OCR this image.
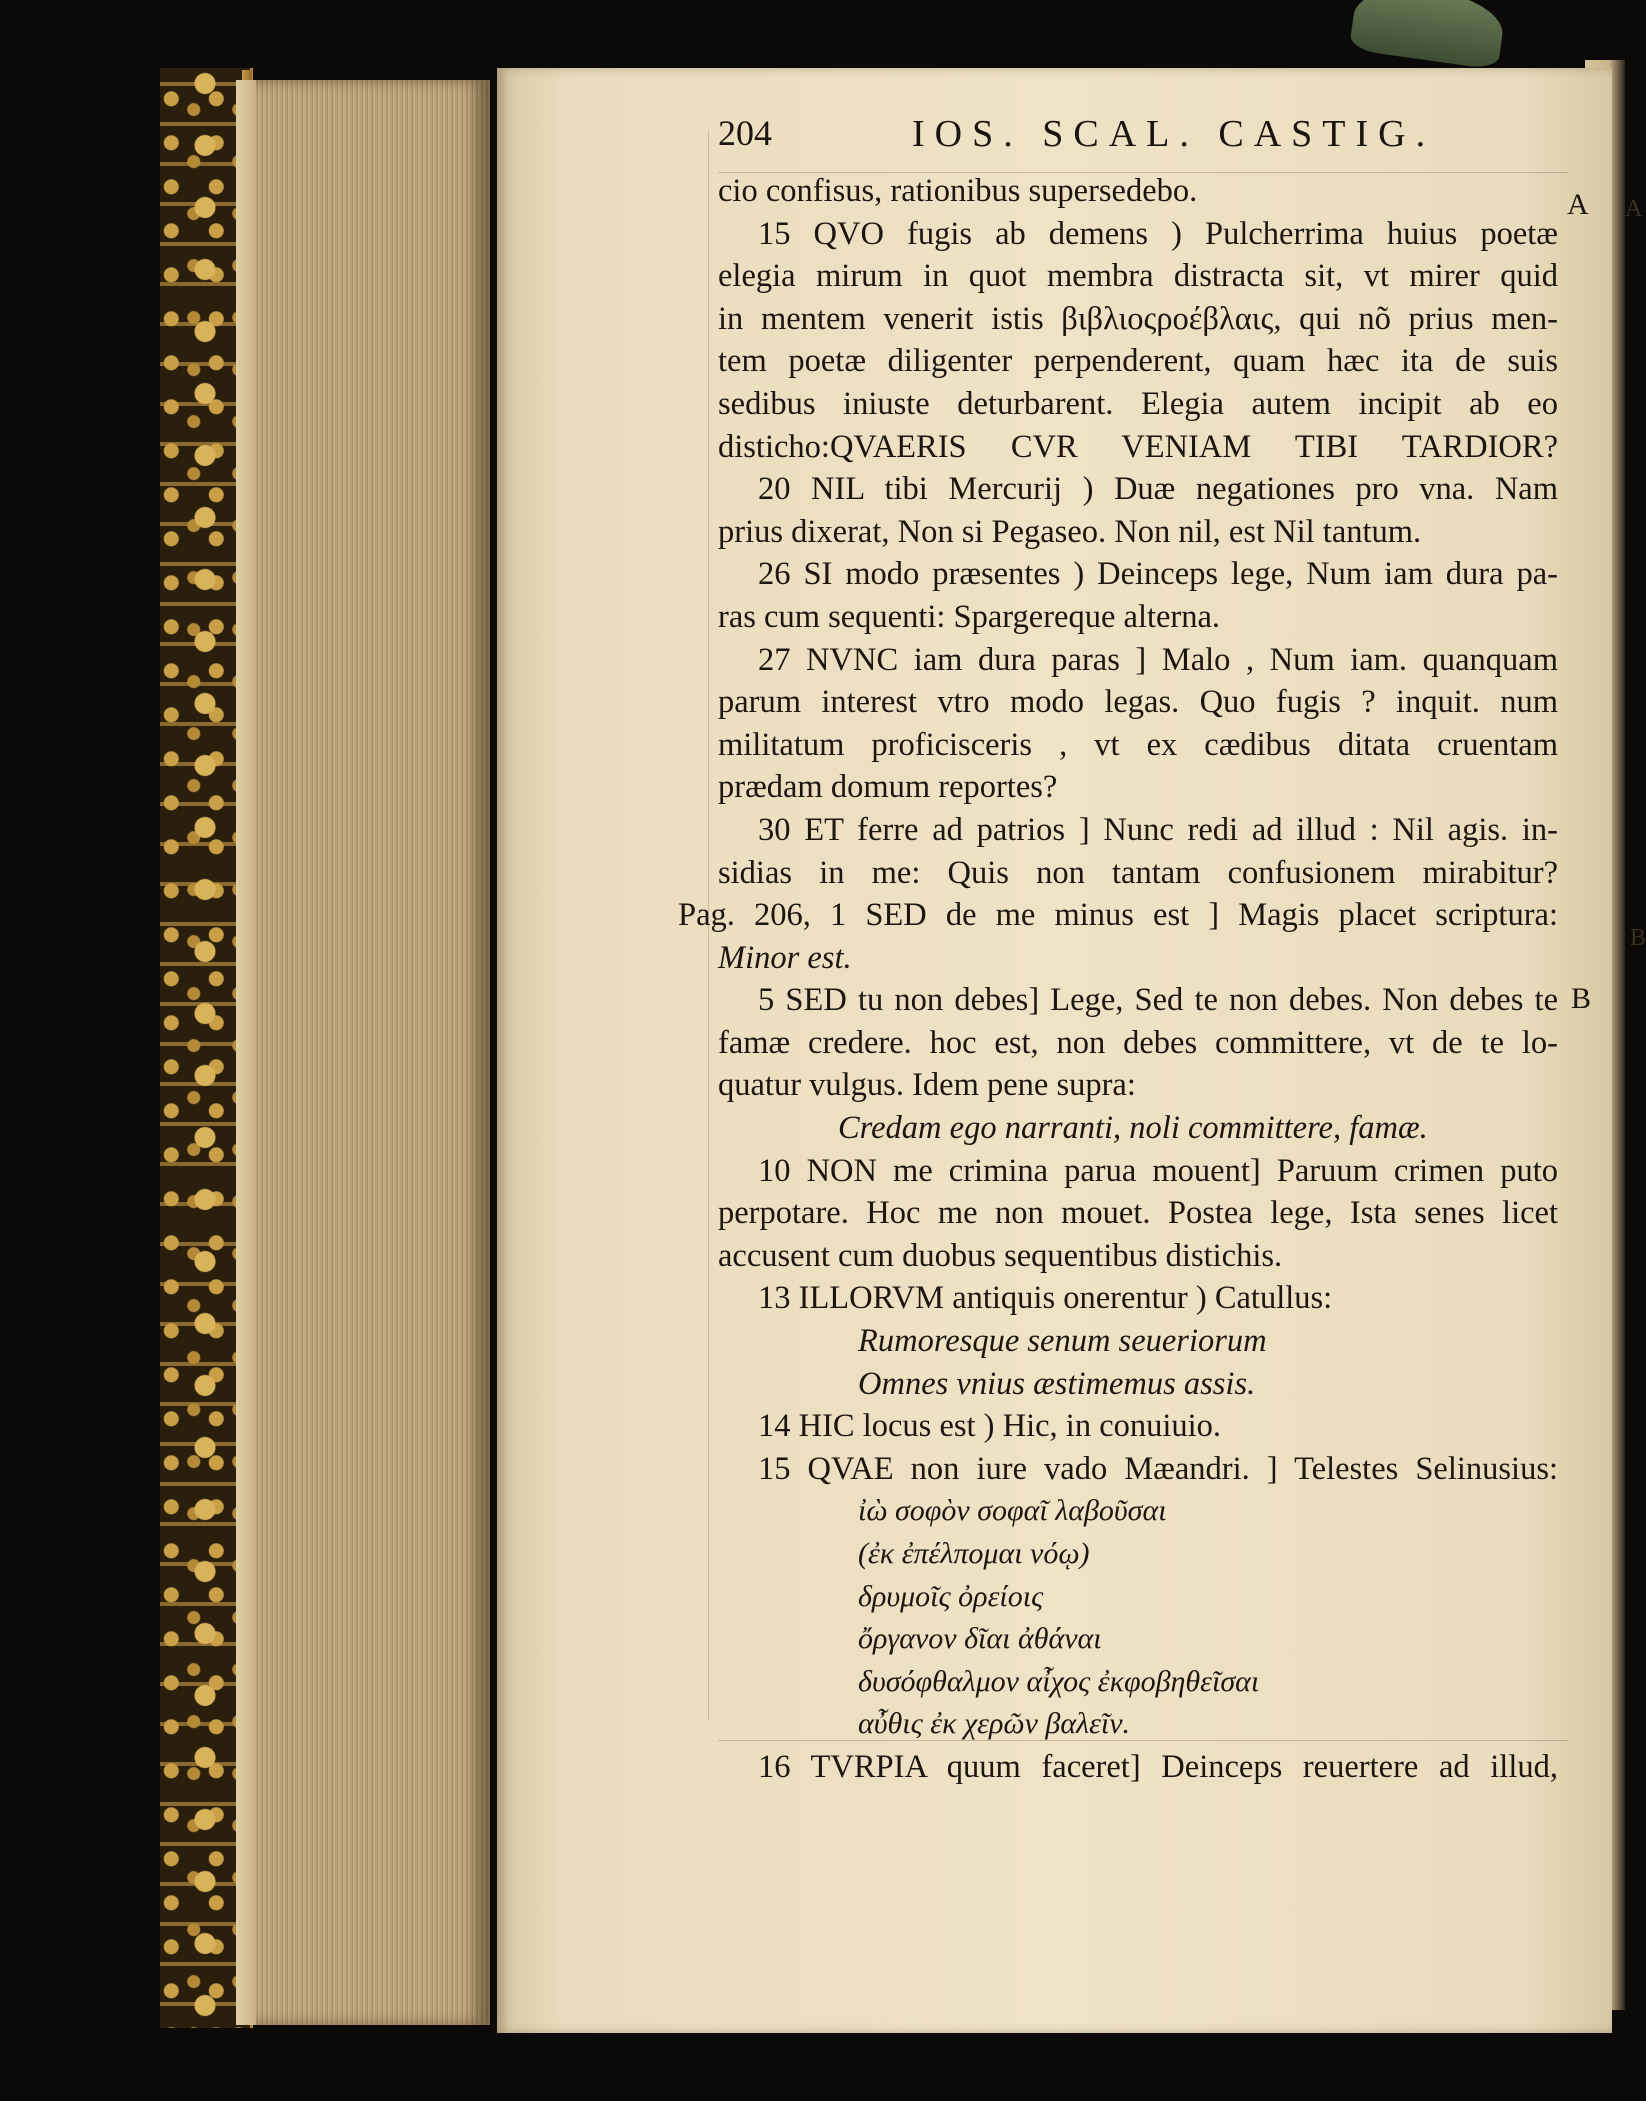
204	IOS. SCAL. CASTIG.
A
B
A
B
cio confisus, rationibus supersedebo.
15 QVO fugis ab demens ) Pulcherrima huius poetæ
elegia mirum in quot membra distracta sit, vt mirer quid
in mentem venerit istis βιβλιοςροέβλαις, qui nõ prius men-
tem poetæ diligenter perpenderent, quam hæc ita de suis
sedibus iniuste deturbarent. Elegia autem incipit ab eo
distichο:QVAERIS CVR VENIAM TIBI TARDIOR?
20 NIL tibi Mercurij ) Duæ negationes pro vna. Nam
prius dixerat, Non si Pegaseo. Non nil, est Nil tantum.
26 SI modo præsentes ) Deinceps lege, Num iam dura pa-
ras cum sequenti: Spargereque alterna.
27 NVNC iam dura paras ] Malo , Num iam. quanquam
parum interest vtro modo legas. Quo fugis ? inquit. num
militatum proficisceris , vt ex cædibus ditata cruentam
prædam domum reportes?
30 ET ferre ad patrios ] Nunc redi ad illud : Nil agis. in-
sidias in me: Quis non tantam confusionem mirabitur?
Pag. 206, 1 SED de me minus est ] Magis placet scriptura:
Minor est.
5 SED tu non debes] Lege, Sed te non debes. Non debes te
famæ credere. hoc est, non debes committere, vt de te lo-
quatur vulgus. Idem pene supra:
Credam ego narranti, noli committere, famæ.
10 NON me crimina parua mouent] Paruum crimen puto
perpotare. Hoc me non mouet. Postea lege, Ista senes licet
accusent cum duobus sequentibus distichis.
13 ILLORVM antiquis onerentur ) Catullus:
Rumoresque senum seueriorum
Omnes vnius æstimemus assis.
14 HIC locus est ) Hic, in conuiuio.
15 QVAE non iure vado Mæandri. ] Telestes Selinusius:
ἰὼ σοφὸν σοφαῖ λαβοῦσαι
(ἐκ ἐπέλπομαι νόῳ)
δρυμοῖς ὀρείοις
ὄργανον δῖαι ἀθάναι
δυσόφθαλμον αἶχος ἐκφοβηθεῖσαι
αὖθις ἐκ χερῶν βαλεῖν.
16 TVRPIA quum faceret] Deinceps reuertere ad illud,
